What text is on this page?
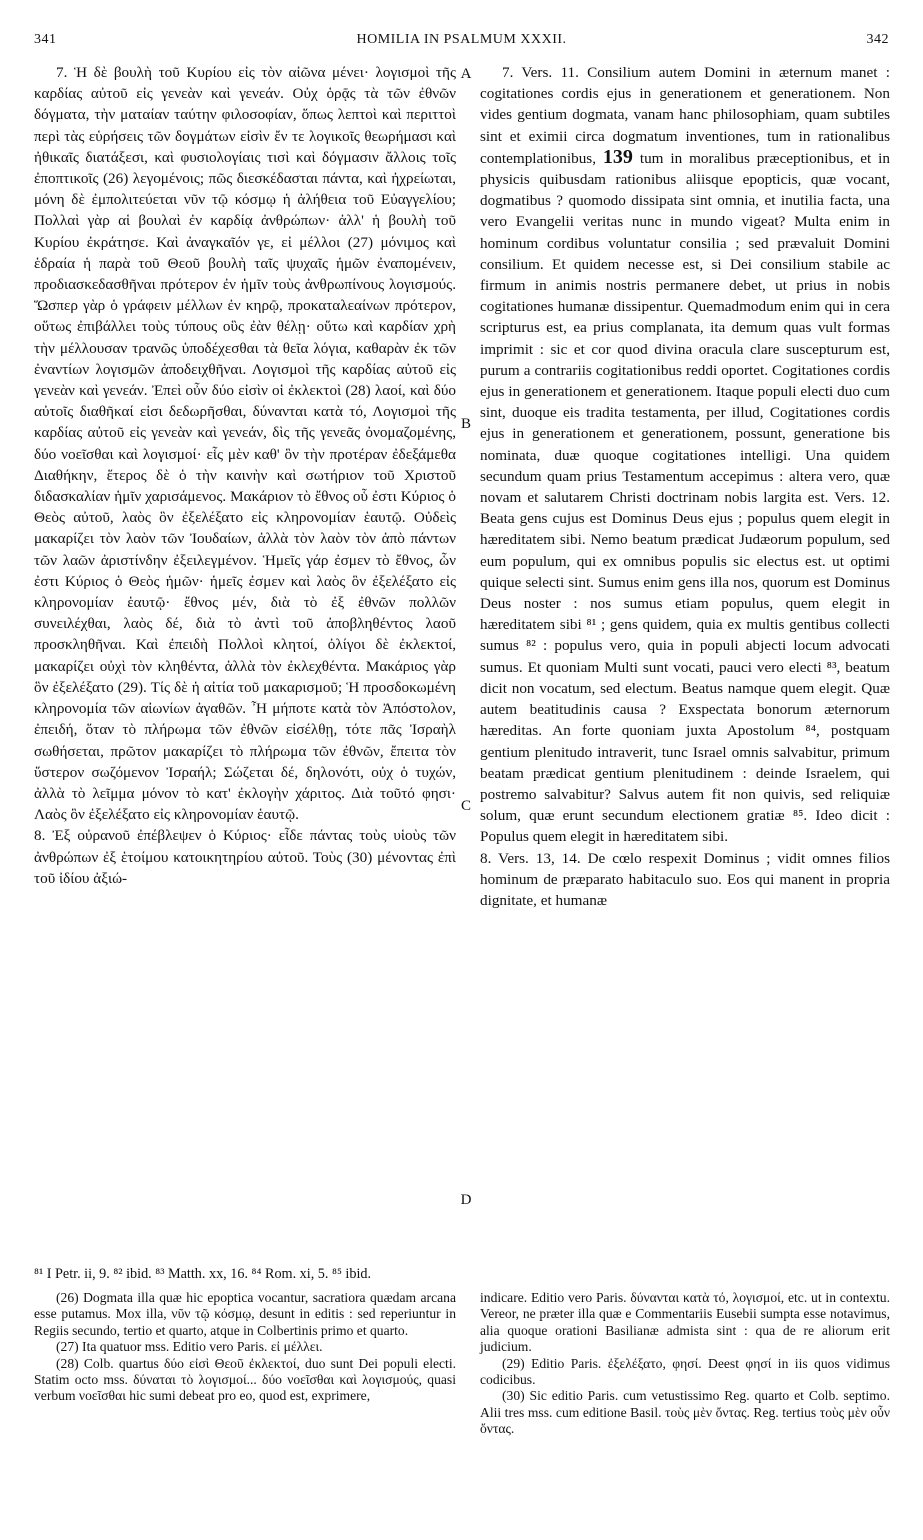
341	HOMILIA IN PSALMUM XXXII.	342

7. Ἡ δὲ βουλὴ τοῦ Κυρίου εἰς τὸν αἰῶνα μένει· λογισμοὶ τῆς καρδίας αὐτοῦ εἰς γενεὰν καὶ γενεάν. Οὐχ ὁρᾷς τὰ τῶν ἐθνῶν δόγματα, τὴν ματαίαν ταύτην φιλοσοφίαν, ὅπως λεπτοὶ καὶ περιττοὶ περὶ τὰς εὑρήσεις τῶν δογμάτων εἰσὶν ἔν τε λογικοῖς θεωρήμασι καὶ ἠθικαῖς διατάξεσι, καὶ φυσιολογίαις τισὶ καὶ δόγμασιν ἄλλοις τοῖς ἐποπτικοῖς (26) λεγομένοις; πῶς διεσκέδασται πάντα, καὶ ἠχρείωται, μόνη δὲ ἐμπολιτεύεται νῦν τῷ κόσμῳ ἡ ἀλήθεια τοῦ Εὐαγγελίου; Πολλαὶ γὰρ αἱ βουλαὶ ἐν καρδίᾳ ἀνθρώπων· ἀλλ' ἡ βουλὴ τοῦ Κυρίου ἐκράτησε. Καὶ ἀναγκαῖόν γε, εἰ μέλλοι (27) μόνιμος καὶ ἑδραία ἡ παρὰ τοῦ Θεοῦ βουλὴ ταῖς ψυχαῖς ἡμῶν ἐναπομένειν, προδιασκεδασθῆναι πρότερον ἐν ἡμῖν τοὺς ἀνθρωπίνους λογισμούς. Ὥσπερ γὰρ ὁ γράφειν μέλλων ἐν κηρῷ, προκαταλεαίνων πρότερον, οὕτως ἐπιβάλλει τοὺς τύπους οὓς ἐὰν θέλῃ· οὕτω καὶ καρδίαν χρὴ τὴν μέλλουσαν τρανῶς ὑποδέχεσθαι τὰ θεῖα λόγια, καθαρὰν ἐκ τῶν ἐναντίων λογισμῶν ἀποδειχθῆναι. Λογισμοὶ τῆς καρδίας αὐτοῦ εἰς γενεὰν καὶ γενεάν. Ἐπεὶ οὖν δύο εἰσὶν οἱ ἐκλεκτοὶ (28) λαοί, καὶ δύο αὐτοῖς διαθῆκαί εἰσι δεδωρῆσθαι, δύνανται κατὰ τό, Λογισμοὶ τῆς καρδίας αὐτοῦ εἰς γενεὰν καὶ γενεάν, δὶς τῆς γενεᾶς ὀνομαζομένης, δύο νοεῖσθαι καὶ λογισμοί· εἷς μὲν καθ' ὃν τὴν προτέραν ἐδεξάμεθα Διαθήκην, ἕτερος δὲ ὁ τὴν καινὴν καὶ σωτήριον τοῦ Χριστοῦ διδασκαλίαν ἡμῖν χαρισάμενος. Μακάριον τὸ ἔθνος οὗ ἐστι Κύριος ὁ Θεὸς αὐτοῦ, λαὸς ὃν ἐξελέξατο εἰς κληρονομίαν ἑαυτῷ. Οὐδεὶς μακαρίζει τὸν λαὸν τῶν Ἰουδαίων, ἀλλὰ τὸν λαὸν τὸν ἀπὸ πάντων τῶν λαῶν ἀριστίνδην ἐξειλεγμένον. Ἡμεῖς γάρ ἐσμεν τὸ ἔθνος, ὧν ἐστι Κύριος ὁ Θεὸς ἡμῶν· ἡμεῖς ἐσμεν καὶ λαὸς ὃν ἐξελέξατο εἰς κληρονομίαν ἑαυτῷ· ἔθνος μέν, διὰ τὸ ἐξ ἐθνῶν πολλῶν συνειλέχθαι, λαὸς δέ, διὰ τὸ ἀντὶ τοῦ ἀποβληθέντος λαοῦ προσκληθῆναι. Καὶ ἐπειδὴ Πολλοὶ κλητοί, ὀλίγοι δὲ ἐκλεκτοί, μακαρίζει οὐχὶ τὸν κληθέντα, ἀλλὰ τὸν ἐκλεχθέντα. Μακάριος γὰρ ὃν ἐξελέξατο (29). Τίς δὲ ἡ αἰτία τοῦ μακαρισμοῦ; Ἡ προσδοκωμένη κληρονομία τῶν αἰωνίων ἀγαθῶν. Ἦ μήποτε κατὰ τὸν Ἀπόστολον, ἐπειδή, ὅταν τὸ πλήρωμα τῶν ἐθνῶν εἰσέλθῃ, τότε πᾶς Ἰσραὴλ σωθήσεται, πρῶτον μακαρίζει τὸ πλήρωμα τῶν ἐθνῶν, ἔπειτα τὸν ὕστερον σωζόμενον Ἰσραήλ; Σώζεται δέ, δηλονότι, οὐχ ὁ τυχών, ἀλλὰ τὸ λεῖμμα μόνον τὸ κατ' ἐκλογὴν χάριτος. Διὰ τοῦτό φησι· Λαὸς ὃν ἐξελέξατο εἰς κληρονομίαν ἑαυτῷ.

8. Ἐξ οὐρανοῦ ἐπέβλεψεν ὁ Κύριος· εἶδε πάντας τοὺς υἱοὺς τῶν ἀνθρώπων ἐξ ἑτοίμου κατοικητηρίου αὐτοῦ. Τοὺς (30) μένοντας ἐπὶ τοῦ ἰδίου ἀξιώ-

A
B
C
D

7. Vers. 11. Consilium autem Domini in æternum manet : cogitationes cordis ejus in generationem et generationem. Non vides gentium dogmata, vanam hanc philosophiam, quam subtiles sint et eximii circa dogmatum inventiones, tum in rationalibus contemplationibus, 139 tum in moralibus præceptionibus, et in physicis quibusdam rationibus aliisque epopticis, quæ vocant, dogmatibus ? quomodo dissipata sint omnia, et inutilia facta, una vero Evangelii veritas nunc in mundo vigeat? Multa enim in hominum cordibus voluntatur consilia ; sed prævaluit Domini consilium. Et quidem necesse est, si Dei consilium stabile ac firmum in animis nostris permanere debet, ut prius in nobis cogitationes humanæ dissipentur. Quemadmodum enim qui in cera scripturus est, ea prius complanata, ita demum quas vult formas imprimit : sic et cor quod divina oracula clare suscepturum est, purum a contrariis cogitationibus reddi oportet. Cogitationes cordis ejus in generationem et generationem. Itaque populi electi duo cum sint, duoque eis tradita testamenta, per illud, Cogitationes cordis ejus in generationem et generationem, possunt, generatione bis nominata, duæ quoque cogitationes intelligi. Una quidem secundum quam prius Testamentum accepimus : altera vero, quæ novam et salutarem Christi doctrinam nobis largita est. Vers. 12. Beata gens cujus est Dominus Deus ejus ; populus quem elegit in hæreditatem sibi. Nemo beatum prædicat Judæorum populum, sed eum populum, qui ex omnibus populis sic electus est. ut optimi quique selecti sint. Sumus enim gens illa nos, quorum est Dominus Deus noster : nos sumus etiam populus, quem elegit in hæreditatem sibi ⁸¹ ; gens quidem, quia ex multis gentibus collecti sumus ⁸² : populus vero, quia in populi abjecti locum advocati sumus. Et quoniam Multi sunt vocati, pauci vero electi ⁸³, beatum dicit non vocatum, sed electum. Beatus namque quem elegit. Quæ autem beatitudinis causa ? Exspectata bonorum æternorum hæreditas. An forte quoniam juxta Apostolum ⁸⁴, postquam gentium plenitudo intraverit, tunc Israel omnis salvabitur, primum beatam prædicat gentium plenitudinem : deinde Israelem, qui postremo salvabitur? Salvus autem fit non quivis, sed reliquiæ solum, quæ erunt secundum electionem gratiæ ⁸⁵. Ideo dicit : Populus quem elegit in hæreditatem sibi.

8. Vers. 13, 14. De cœlo respexit Dominus ; vidit omnes filios hominum de præparato habitaculo suo. Eos qui manent in propria dignitate, et humanæ

⁸¹ I Petr. ii, 9. ⁸² ibid. ⁸³ Matth. xx, 16. ⁸⁴ Rom. xi, 5. ⁸⁵ ibid.

(26) Dogmata illa quæ hic epoptica vocantur, sacratiora quædam arcana esse putamus. Mox illa, νῦν τῷ κόσμῳ, desunt in editis : sed reperiuntur in Regiis secundo, tertio et quarto, atque in Colbertinis primo et quarto.

(27) Ita quatuor mss. Editio vero Paris. εἰ μέλλει.

(28) Colb. quartus δύο εἰσὶ Θεοῦ ἐκλεκτοί, duo sunt Dei populi electi. Statim octo mss. δύναται τὸ λογισμοί... δύο νοεῖσθαι καὶ λογισμούς, quasi verbum νοεῖσθαι hic sumi debeat pro eo, quod est, exprimere,

indicare. Editio vero Paris. δύνανται κατὰ τό, λογισμοί, etc. ut in contextu. Vereor, ne præter illa quæ e Commentariis Eusebii sumpta esse notavimus, alia quoque orationi Basilianæ admista sint : qua de re aliorum erit judicium.

(29) Editio Paris. ἐξελέξατο, φησί. Deest φησί in iis quos vidimus codicibus.

(30) Sic editio Paris. cum vetustissimo Reg. quarto et Colb. septimo. Alii tres mss. cum editione Basil. τοὺς μὲν ὄντας. Reg. tertius τοὺς μὲν οὖν ὄντας.
